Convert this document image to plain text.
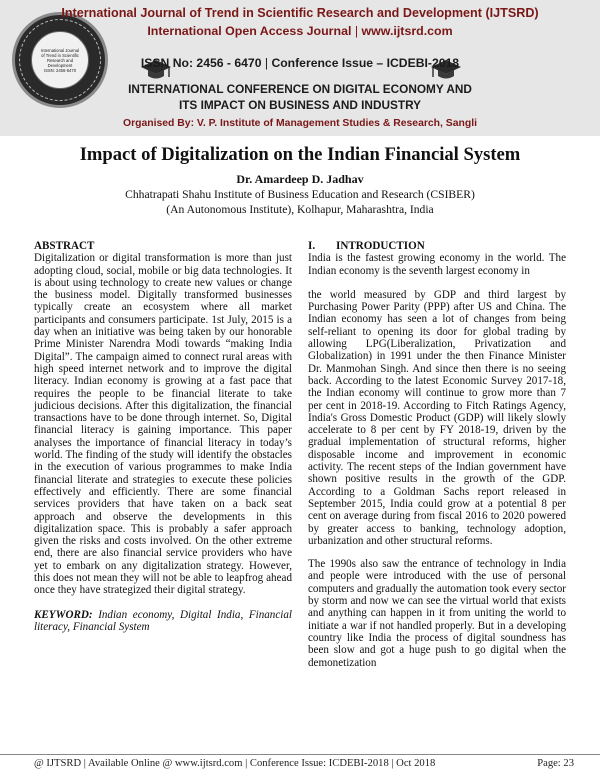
International Journal
of Trend in Scientific
Research and
Development
ISSN: 2456-6470
International Journal of Trend in Scientific Research and Development (IJTSRD)
International Open Access Journal | www.ijtsrd.com
ISSN No: 2456 - 6470 | Conference Issue – ICDEBI-2018
INTERNATIONAL CONFERENCE ON DIGITAL ECONOMY AND
ITS IMPACT ON BUSINESS AND INDUSTRY
Organised By: V. P. Institute of Management Studies & Research, Sangli
Impact of Digitalization on the Indian Financial System
Dr. Amardeep D. Jadhav
Chhatrapati Shahu Institute of Business Education and Research (CSIBER)
(An Autonomous Institute), Kolhapur, Maharashtra, India
ABSTRACT
Digitalization or digital transformation is more than just adopting cloud, social, mobile or big data technologies. It is about using technology to create new values or change the business model. Digitally transformed businesses typically create an ecosystem where all market participants and consumers participate. 1st July, 2015 is a day when an initiative was being taken by our honorable Prime Minister Narendra Modi towards “making India Digital”. The campaign aimed to connect rural areas with high speed internet network and to improve the digital literacy. Indian economy is growing at a fast pace that requires the people to be financial literate to take judicious decisions. After this digitalization, the financial transactions have to be done through internet. So, Digital financial literacy is gaining importance. This paper analyses the importance of financial literacy in today’s world. The finding of the study will identify the obstacles in the execution of various programmes to make India financial literate and strategies to execute these policies effectively and efficiently. There are some financial services providers that have taken on a back seat approach and observe the developments in this digitalization space. This is probably a safer approach given the risks and costs involved. On the other extreme end, there are also financial service providers who have yet to embark on any digitalization strategy. However, this does not mean they will not be able to leapfrog ahead once they have strategized their digital strategy.
KEYWORD: Indian economy, Digital India, Financial literacy, Financial System
I. INTRODUCTION
India is the fastest growing economy in the world. The Indian economy is the seventh largest economy in
the world measured by GDP and third largest by Purchasing Power Parity (PPP) after US and China. The Indian economy has seen a lot of changes from being self-reliant to opening its door for global trading by allowing LPG(Liberalization, Privatization and Globalization) in 1991 under the then Finance Minister Dr. Manmohan Singh. And since then there is no seeing back. According to the latest Economic Survey 2017-18, the Indian economy will continue to grow more than 7 per cent in 2018-19. According to Fitch Ratings Agency, India's Gross Domestic Product (GDP) will likely slowly accelerate to 8 per cent by FY 2018-19, driven by the gradual implementation of structural reforms, higher disposable income and improvement in economic activity. The recent steps of the Indian government have shown positive results in the growth of the GDP. According to a Goldman Sachs report released in September 2015, India could grow at a potential 8 per cent on average during from fiscal 2016 to 2020 powered by greater access to banking, technology adoption, urbanization and other structural reforms.
The 1990s also saw the entrance of technology in India and people were introduced with the use of personal computers and gradually the automation took every sector by storm and now we can see the virtual world that exists and anything can happen in it from uniting the world to initiate a war if not handled properly. But in a developing country like India the process of digital soundness has been slow and got a huge push to go digital when the demonetization
@ IJTSRD | Available Online @ www.ijtsrd.com | Conference Issue: ICDEBI-2018 | Oct 2018	Page: 23
